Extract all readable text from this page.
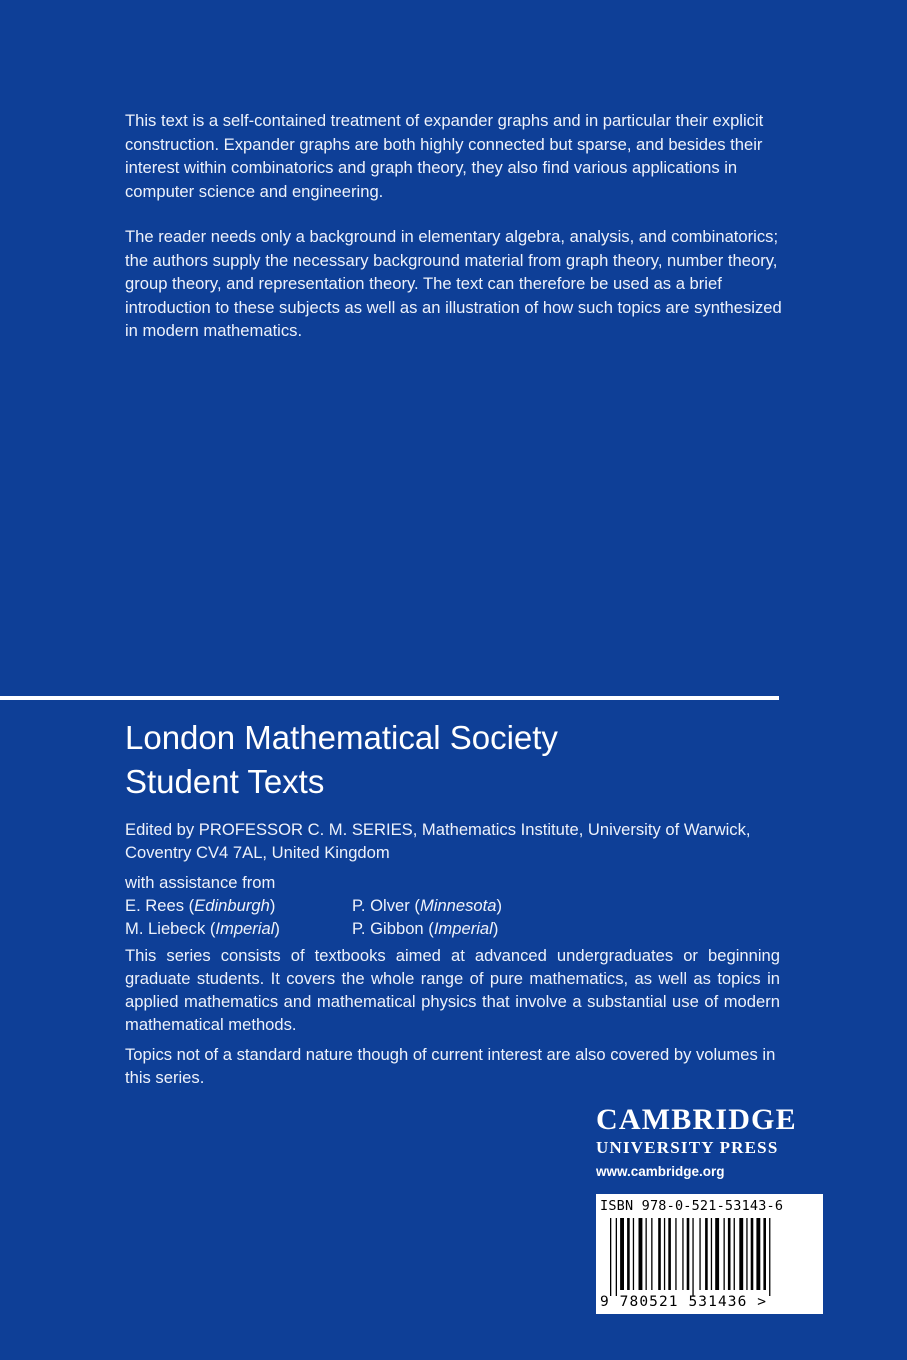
This text is a self-contained treatment of expander graphs and in particular their explicit construction. Expander graphs are both highly connected but sparse, and besides their interest within combinatorics and graph theory, they also find various applications in computer science and engineering.

The reader needs only a background in elementary algebra, analysis, and combinatorics; the authors supply the necessary background material from graph theory, number theory, group theory, and representation theory. The text can therefore be used as a brief introduction to these subjects as well as an illustration of how such topics are synthesized in modern mathematics.

London Mathematical Society
Student Texts

Edited by PROFESSOR C. M. SERIES, Mathematics Institute, University of Warwick, Coventry CV4 7AL, United Kingdom

with assistance from
E. Rees (Edinburgh)	P. Olver (Minnesota)
M. Liebeck (Imperial)	P. Gibbon (Imperial)

This series consists of textbooks aimed at advanced undergraduates or beginning graduate students. It covers the whole range of pure mathematics, as well as topics in applied mathematics and mathematical physics that involve a substantial use of modern mathematical methods.

Topics not of a standard nature though of current interest are also covered by volumes in this series.

CAMBRIDGE
UNIVERSITY PRESS
www.cambridge.org
ISBN 978-0-521-53143-6
9 780521 531436 >
